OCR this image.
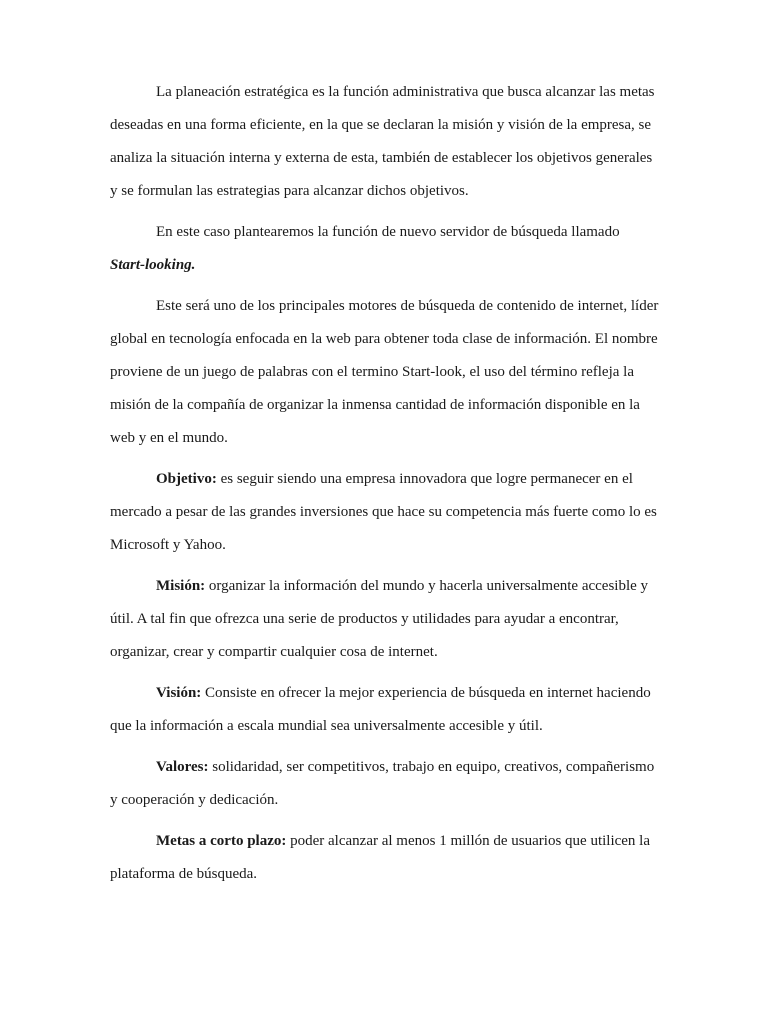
La planeación estratégica es la función administrativa que busca alcanzar las metas deseadas en una forma eficiente, en la que se declaran la misión y visión de la empresa, se analiza la situación interna y externa de esta, también de establecer los objetivos generales y se formulan las estrategias para alcanzar dichos objetivos.

En este caso plantearemos la función de nuevo servidor de búsqueda llamado
Start-looking.

Este será uno de los principales motores de búsqueda de contenido de internet, líder global en tecnología enfocada en la web para obtener toda clase de información. El nombre proviene de un juego de palabras con el termino Start-look, el uso del término refleja la misión de la compañía de organizar la inmensa cantidad de información disponible en la web y en el mundo.

Objetivo: es seguir siendo una empresa innovadora que logre permanecer en el mercado a pesar de las grandes inversiones que hace su competencia más fuerte como lo es Microsoft y Yahoo.

Misión: organizar la información del mundo y hacerla universalmente accesible y útil. A tal fin que ofrezca una serie de productos y utilidades para ayudar a encontrar, organizar, crear y compartir cualquier cosa de internet.

Visión: Consiste en ofrecer la mejor experiencia de búsqueda en internet haciendo que la información a escala mundial sea universalmente accesible y útil.

Valores: solidaridad, ser competitivos, trabajo en equipo, creativos, compañerismo y cooperación y dedicación.

Metas a corto plazo: poder alcanzar al menos 1 millón de usuarios que utilicen la plataforma de búsqueda.
